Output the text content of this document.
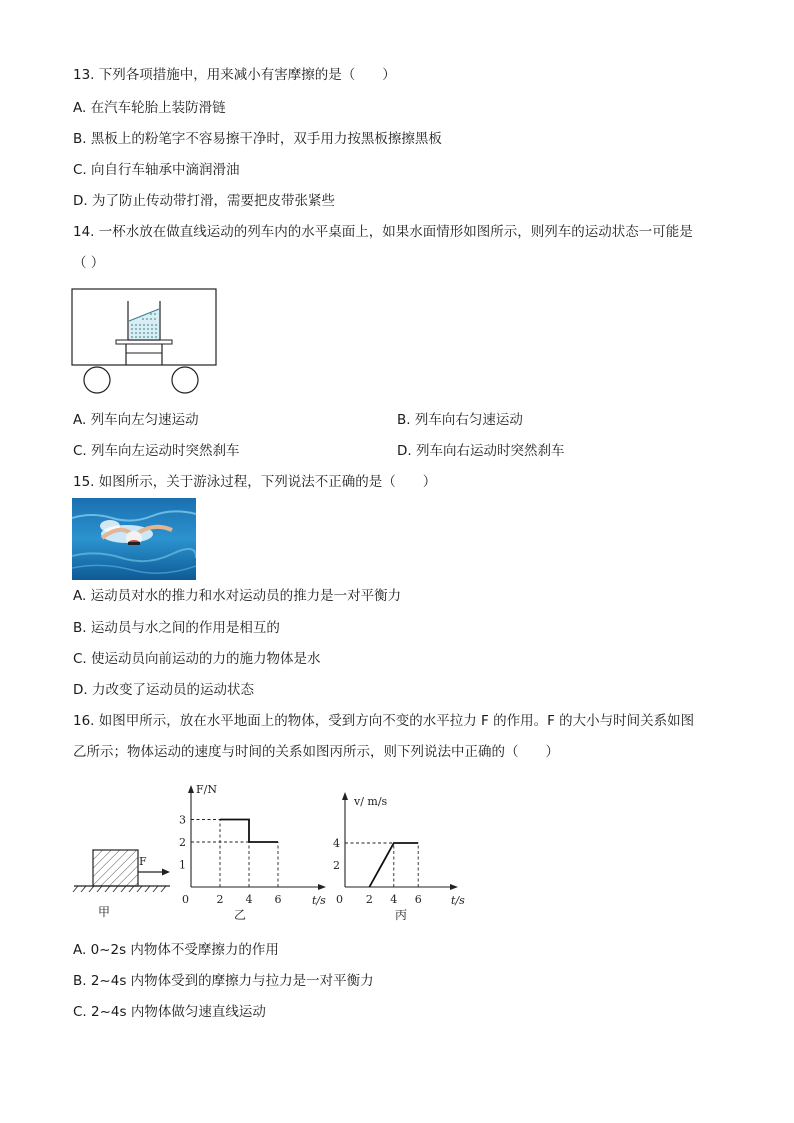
13. 下列各项措施中，用来减小有害摩擦的是（　　）
A. 在汽车轮胎上装防滑链
B. 黑板上的粉笔字不容易擦干净时，双手用力按黑板擦擦黑板
C. 向自行车轴承中滴润滑油
D. 为了防止传动带打滑，需要把皮带张紧些
14. 一杯水放在做直线运动的列车内的水平桌面上，如果水面情形如图所示，则列车的运动状态一可能是
（ ）
A. 列车向左匀速运动	B. 列车向右匀速运动
C. 列车向左运动时突然刹车	D. 列车向右运动时突然刹车
15. 如图所示，关于游泳过程，下列说法不正确的是（　　）
A. 运动员对水的推力和水对运动员的推力是一对平衡力
B. 运动员与水之间的作用是相互的
C. 使运动员向前运动的力的施力物体是水
D. 力改变了运动员的运动状态
16. 如图甲所示，放在水平地面上的物体，受到方向不变的水平拉力 F 的作用。F 的大小与时间关系如图
乙所示；物体运动的速度与时间的关系如图丙所示，则下列说法中正确的（　　）
F
甲
F/N
t/s
0	2 4 6
1
2
3
乙
v/ m/s
t/s
0 2 4 6
2
4
丙
A. 0~2s 内物体不受摩擦力的作用
B. 2~4s 内物体受到的摩擦力与拉力是一对平衡力
C. 2~4s 内物体做匀速直线运动
